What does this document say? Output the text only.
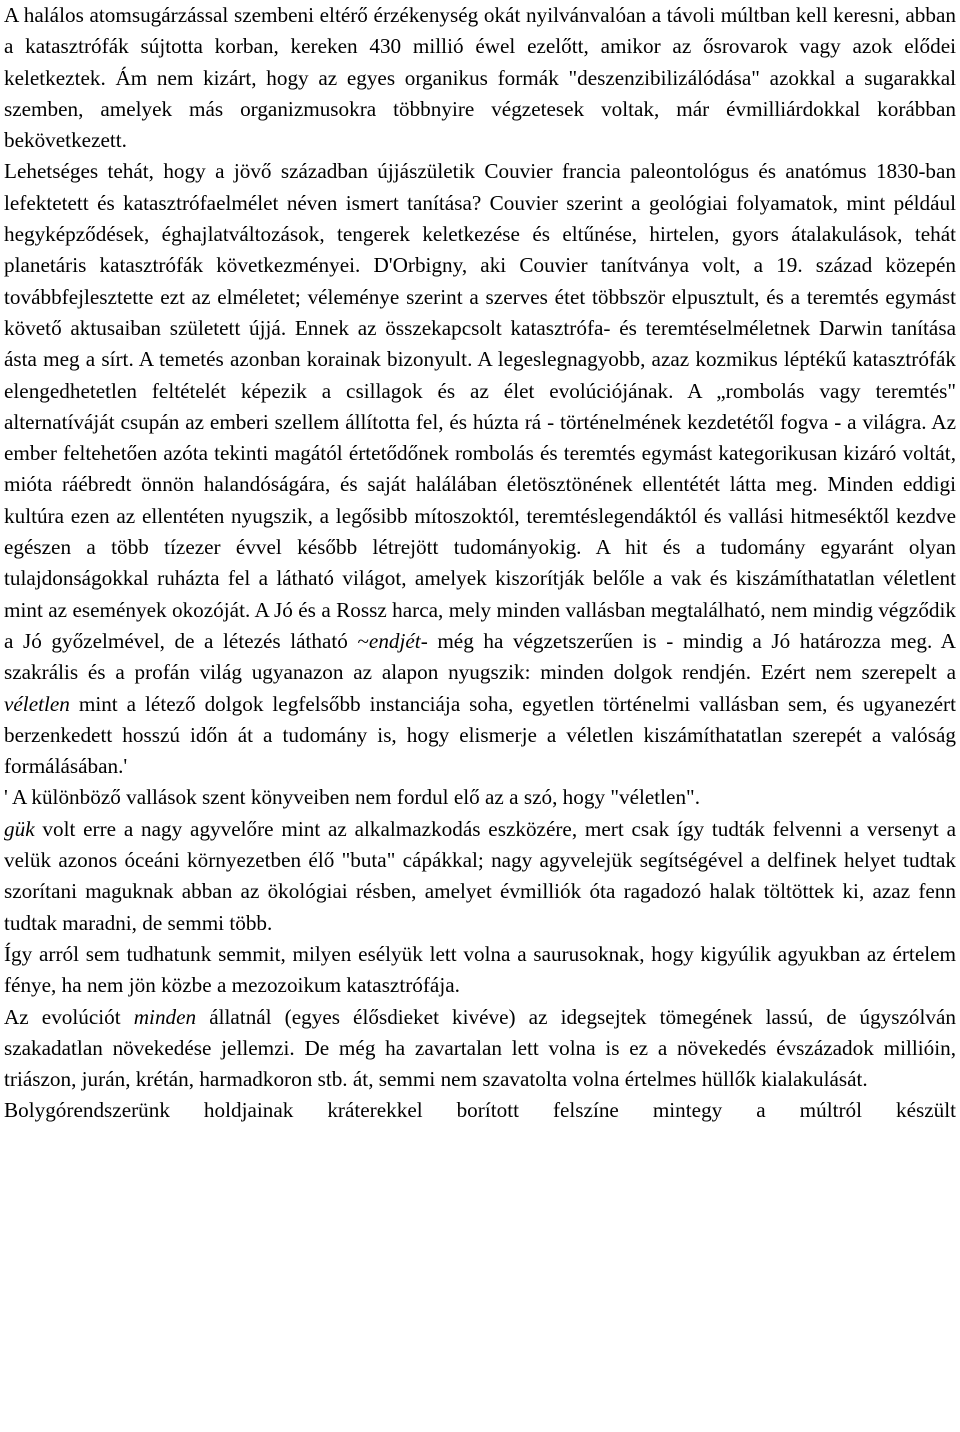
A halálos atomsugárzással szembeni eltérő érzékenység okát nyilvánvalóan a távoli múltban kell keresni, abban a katasztrófák sújtotta korban, kereken 430 millió éwel ezelőtt, amikor az ősrovarok vagy azok elődei keletkeztek. Ám nem kizárt, hogy az egyes organikus formák "deszenzibilizálódása" azokkal a sugarakkal szemben, amelyek más organizmusokra többnyire végzetesek voltak, már évmilliárdokkal korábban bekövetkezett.

Lehetséges tehát, hogy a jövő században újjászületik Couvier francia paleontológus és anatómus 1830-ban lefektetett és katasztrófaelmélet néven ismert tanítása? Couvier szerint a geológiai folyamatok, mint például hegyképződések, éghajlatváltozások, tengerek keletkezése és eltűnése, hirtelen, gyors átalakulások, tehát planetáris katasztrófák következményei. D'Orbigny, aki Couvier tanítványa volt, a 19. század közepén továbbfejlesztette ezt az elméletet; véleménye szerint a szerves étet többször elpusztult, és a teremtés egymást követő aktusaiban született újjá. Ennek az összekapcsolt katasztrófa- és teremtéselméletnek Darwin tanítása ásta meg a sírt. A temetés azonban korainak bizonyult. A legeslegnagyobb, azaz kozmikus léptékű katasztrófák elengedhetetlen feltételét képezik a csillagok és az élet evolúciójának. A „rombolás vagy teremtés" alternatíváját csupán az emberi szellem állította fel, és húzta rá - történelmének kezdetétől fogva - a világra. Az ember feltehetően azóta tekinti magától értetődőnek rombolás és teremtés egymást kategorikusan kizáró voltát, mióta ráébredt önnön halandóságára, és saját halálában életösztönének ellentétét látta meg. Minden eddigi kultúra ezen az ellentéten nyugszik, a legősibb mítoszoktól, teremtéslegendáktól és vallási hitmeséktől kezdve egészen a több tízezer évvel később létrejött tudományokig. A hit és a tudomány egyaránt olyan tulajdonságokkal ruházta fel a látható világot, amelyek kiszorítják belőle a vak és kiszámíthatatlan véletlent mint az események okozóját. A Jó és a Rossz harca, mely minden vallásban megtalálható, nem mindig végződik a Jó győzelmével, de a létezés látható ~endjét- még ha végzetszerűen is - mindig a Jó határozza meg. A szakrális és a profán világ ugyanazon az alapon nyugszik: minden dolgok rendjén. Ezért nem szerepelt a véletlen mint a létező dolgok legfelsőbb instanciája soha, egyetlen történelmi vallásban sem, és ugyanezért berzenkedett hosszú időn át a tudomány is, hogy elismerje a véletlen kiszámíthatatlan szerepét a valóság formálásában.'

' A különböző vallások szent könyveiben nem fordul elő az a szó, hogy "véletlen".

gük volt erre a nagy agyvelőre mint az alkalmazkodás eszközére, mert csak így tudták felvenni a versenyt a velük azonos óceáni környezetben élő "buta" cápákkal; nagy agyvelejük segítségével a delfinek helyet tudtak szorítani maguknak abban az ökológiai résben, amelyet évmilliók óta ragadozó halak töltöttek ki, azaz fenn tudtak maradni, de semmi több.

Így arról sem tudhatunk semmit, milyen esélyük lett volna a saurusoknak, hogy kigyúlik agyukban az értelem fénye, ha nem jön közbe a mezozoikum katasztrófája.

Az evolúciót minden állatnál (egyes élősdieket kivéve) az idegsejtek tömegének lassú, de úgyszólván szakadatlan növekedése jellemzi. De még ha zavartalan lett volna is ez a növekedés évszázadok millióin, triászon, jurán, krétán, harmadkoron stb. át, semmi nem szavatolta volna értelmes hüllők kialakulását.

Bolygórendszerünk holdjainak kráterekkel borított felszíne mintegy a múltról készült
